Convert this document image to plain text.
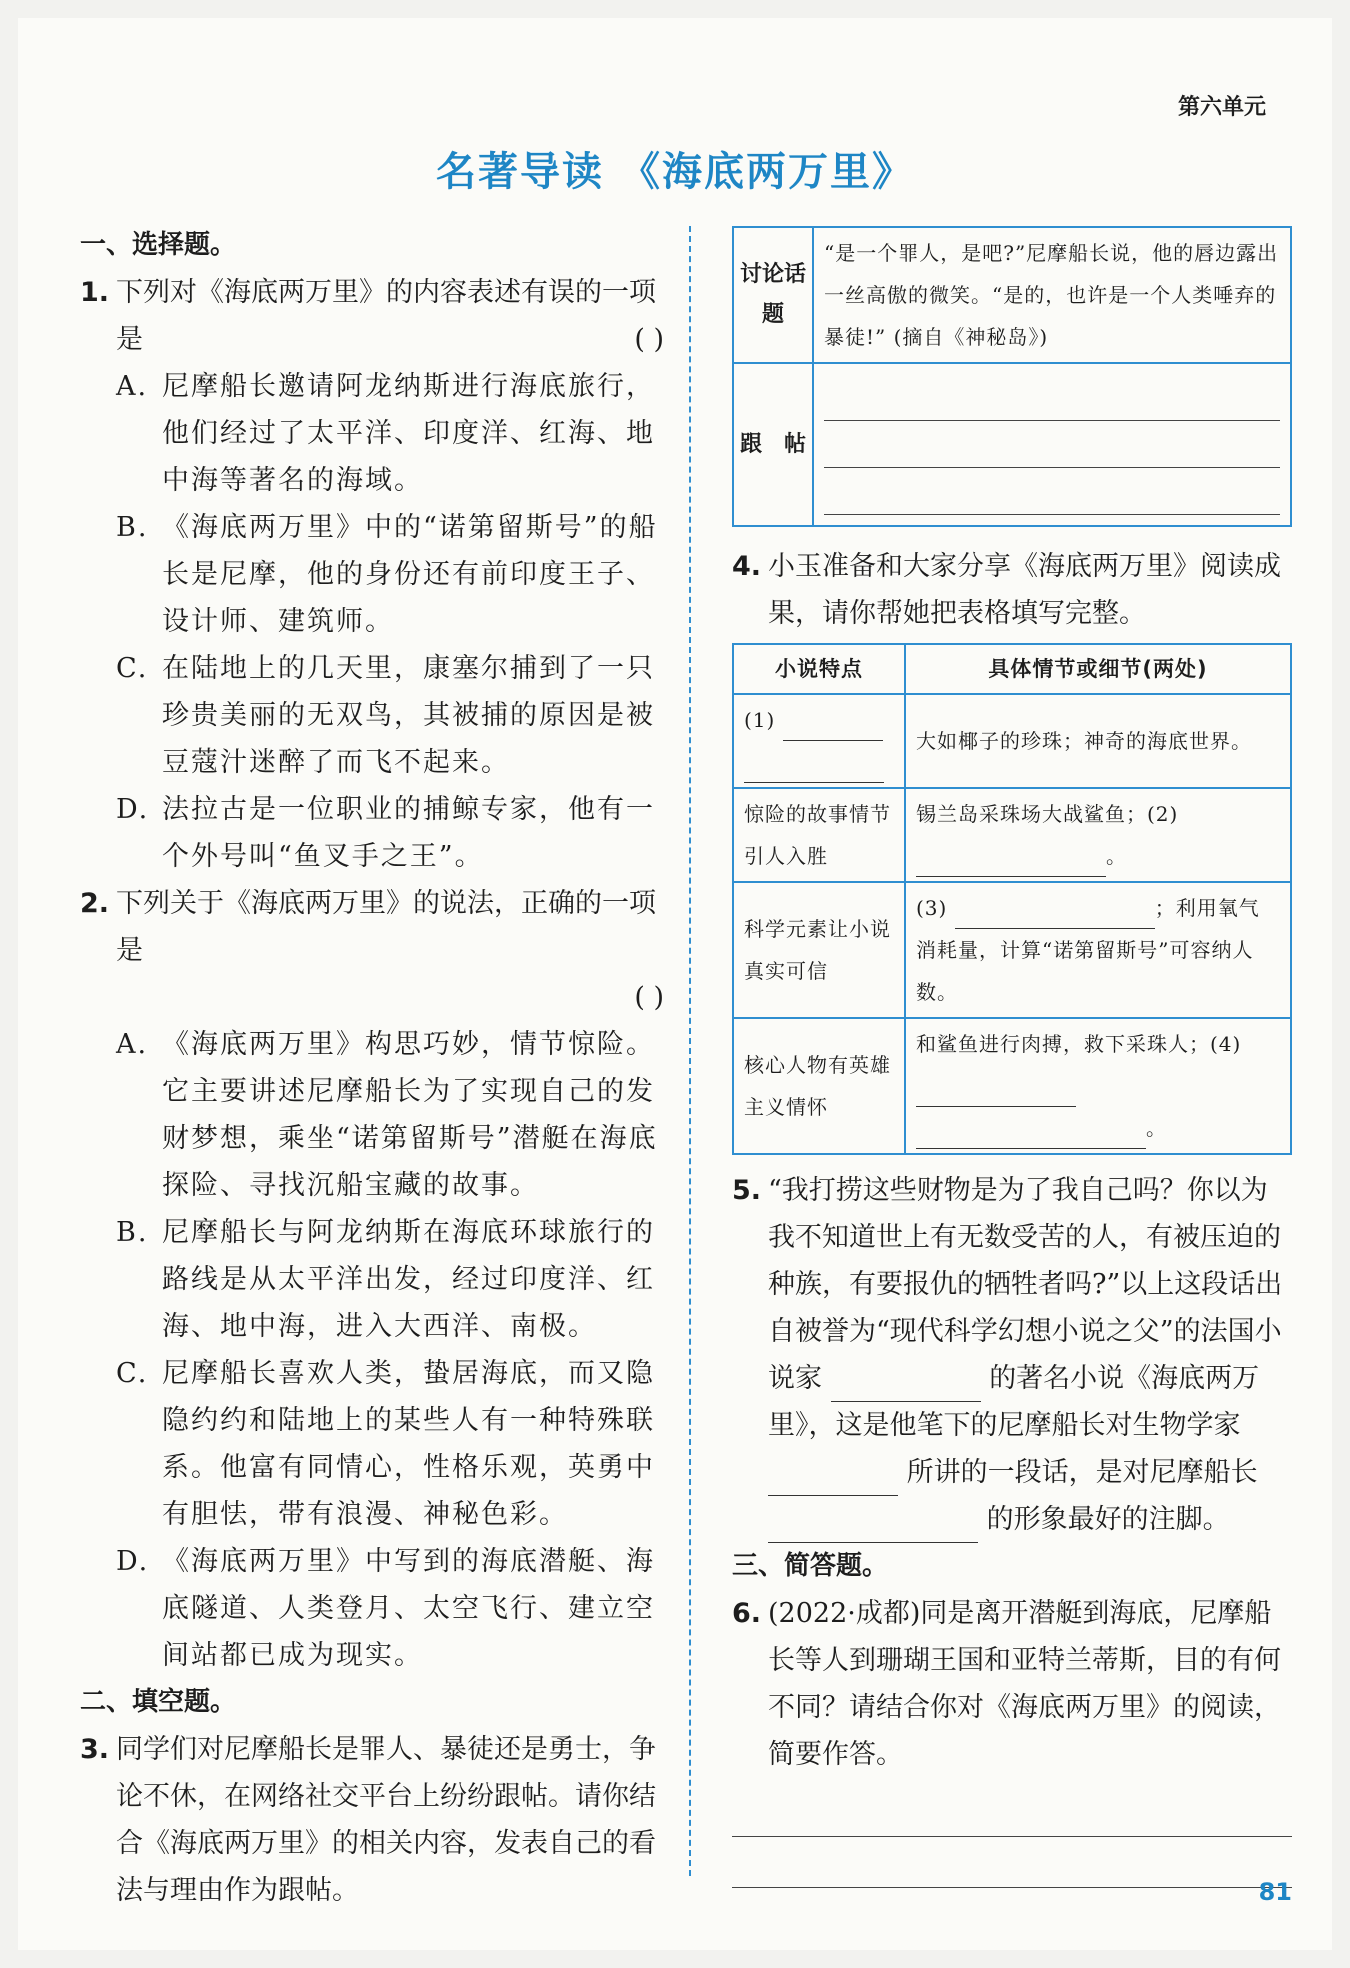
第六单元
名著导读 《海底两万里》
一、选择题。
1. 下列对《海底两万里》的内容表述有误的一项是	( )
A. 尼摩船长邀请阿龙纳斯进行海底旅行，他们经过了太平洋、印度洋、红海、地中海等著名的海域。
B. 《海底两万里》中的“诺第留斯号”的船长是尼摩，他的身份还有前印度王子、设计师、建筑师。
C. 在陆地上的几天里，康塞尔捕到了一只珍贵美丽的无双鸟，其被捕的原因是被豆蔻汁迷醉了而飞不起来。
D. 法拉古是一位职业的捕鲸专家，他有一个外号叫“鱼叉手之王”。
2. 下列关于《海底两万里》的说法，正确的一项是
( )
A. 《海底两万里》构思巧妙，情节惊险。它主要讲述尼摩船长为了实现自己的发财梦想，乘坐“诺第留斯号”潜艇在海底探险、寻找沉船宝藏的故事。
B. 尼摩船长与阿龙纳斯在海底环球旅行的路线是从太平洋出发，经过印度洋、红海、地中海，进入大西洋、南极。
C. 尼摩船长喜欢人类，蛰居海底，而又隐隐约约和陆地上的某些人有一种特殊联系。他富有同情心，性格乐观，英勇中有胆怯，带有浪漫、神秘色彩。
D. 《海底两万里》中写到的海底潜艇、海底隧道、人类登月、太空飞行、建立空间站都已成为现实。
二、填空题。
3. 同学们对尼摩船长是罪人、暴徒还是勇士，争论不休，在网络社交平台上纷纷跟帖。请你结合《海底两万里》的相关内容，发表自己的看法与理由作为跟帖。
讨论话题	“是一个罪人，是吧?”尼摩船长说，他的唇边露出一丝高傲的微笑。“是的，也许是一个人类唾弃的暴徒!” (摘自《神秘岛》)
跟　帖	
4. 小玉准备和大家分享《海底两万里》阅读成果，请你帮她把表格填写完整。
小说特点	具体情节或细节(两处)
(1)	大如椰子的珍珠；神奇的海底世界。
惊险的故事情节引人入胜	锡兰岛采珠场大战鲨鱼；(2) 。
科学元素让小说真实可信	(3) ；利用氧气消耗量，计算“诺第留斯号”可容纳人数。
核心人物有英雄主义情怀	和鲨鱼进行肉搏，救下采珠人；(4)  。
5. “我打捞这些财物是为了我自己吗？你以为我不知道世上有无数受苦的人，有被压迫的种族，有要报仇的牺牲者吗?”以上这段话出自被誉为“现代科学幻想小说之父”的法国小说家	的著名小说《海底两万里》，这是他笔下的尼摩船长对生物学家  所讲的一段话，是对尼摩船长  的形象最好的注脚。
三、简答题。
6. (2022·成都)同是离开潜艇到海底，尼摩船长等人到珊瑚王国和亚特兰蒂斯，目的有何不同？请结合你对《海底两万里》的阅读，简要作答。
81
